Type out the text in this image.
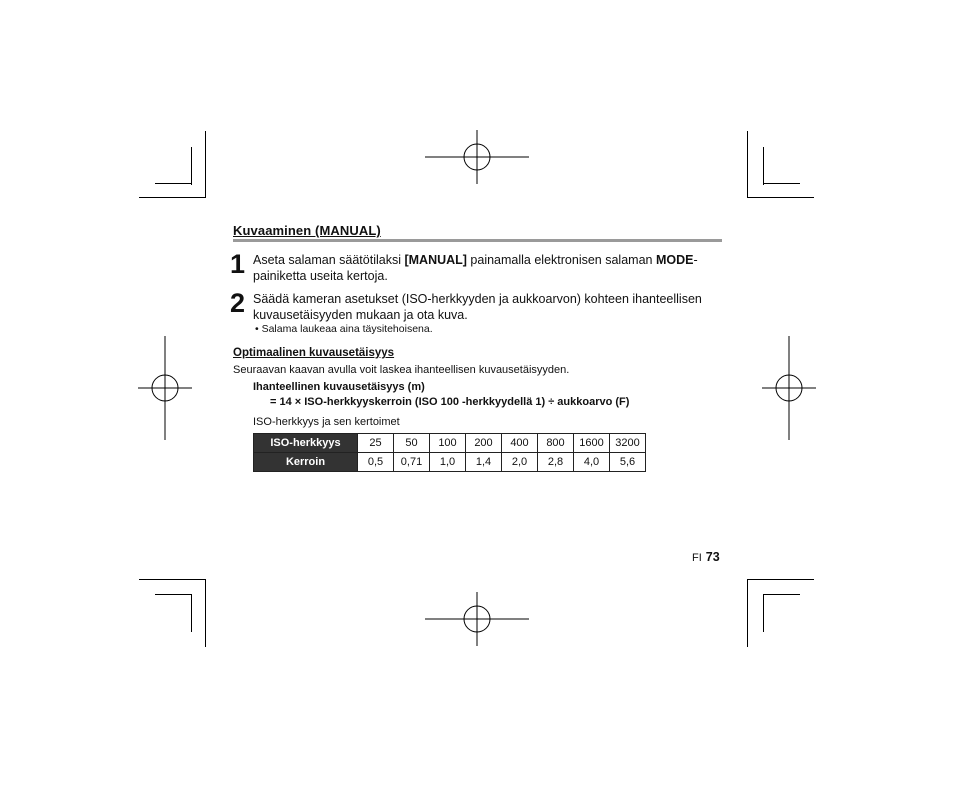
Kuvaaminen (MANUAL)
1 Aseta salaman säätötilaksi [MANUAL] painamalla elektronisen salaman MODE-
painiketta useita kertoja.
2 Säädä kameran asetukset (ISO-herkkyyden ja aukkoarvon) kohteen ihanteellisen
kuvausetäisyyden mukaan ja ota kuva.
• Salama laukeaa aina täysitehoisena.
Optimaalinen kuvausetäisyys
Seuraavan kaavan avulla voit laskea ihanteellisen kuvausetäisyyden.
Ihanteellinen kuvausetäisyys (m)
= 14 × ISO-herkkyyskerroin (ISO 100 -herkkyydellä 1) ÷ aukkoarvo (F)
ISO-herkkyys ja sen kertoimet
ISO-herkkyys	25	50	100	200	400	800	1600	3200
Kerroin	0,5	0,71	1,0	1,4	2,0	2,8	4,0	5,6
FI 73
